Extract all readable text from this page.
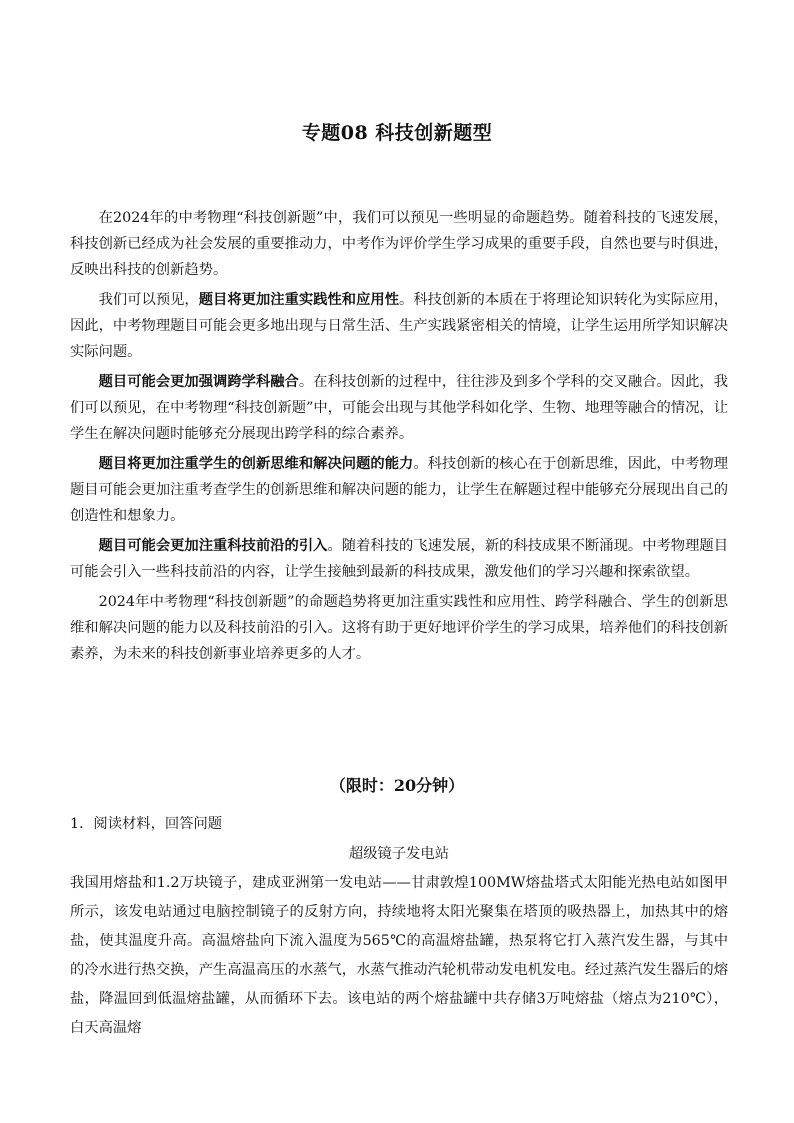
专题08 科技创新题型

在2024年的中考物理“科技创新题”中，我们可以预见一些明显的命题趋势。随着科技的飞速发展，科技创新已经成为社会发展的重要推动力，中考作为评价学生学习成果的重要手段，自然也要与时俱进，反映出科技的创新趋势。

我们可以预见，题目将更加注重实践性和应用性。科技创新的本质在于将理论知识转化为实际应用，因此，中考物理题目可能会更多地出现与日常生活、生产实践紧密相关的情境，让学生运用所学知识解决实际问题。

题目可能会更加强调跨学科融合。在科技创新的过程中，往往涉及到多个学科的交叉融合。因此，我们可以预见，在中考物理“科技创新题”中，可能会出现与其他学科如化学、生物、地理等融合的情况，让学生在解决问题时能够充分展现出跨学科的综合素养。

题目将更加注重学生的创新思维和解决问题的能力。科技创新的核心在于创新思维，因此，中考物理题目可能会更加注重考查学生的创新思维和解决问题的能力，让学生在解题过程中能够充分展现出自己的创造性和想象力。

题目可能会更加注重科技前沿的引入。随着科技的飞速发展，新的科技成果不断涌现。中考物理题目可能会引入一些科技前沿的内容，让学生接触到最新的科技成果，激发他们的学习兴趣和探索欲望。

2024年中考物理“科技创新题”的命题趋势将更加注重实践性和应用性、跨学科融合、学生的创新思维和解决问题的能力以及科技前沿的引入。这将有助于更好地评价学生的学习成果，培养他们的科技创新素养，为未来的科技创新事业培养更多的人才。

（限时：20分钟）

1．阅读材料，回答问题

超级镜子发电站

我国用熔盐和1.2万块镜子，建成亚洲第一发电站——甘肃敦煌100MW熔盐塔式太阳能光热电站如图甲所示，该发电站通过电脑控制镜子的反射方向，持续地将太阳光聚集在塔顶的吸热器上，加热其中的熔盐，使其温度升高。高温熔盐向下流入温度为565℃的高温熔盐罐，热泵将它打入蒸汽发生器，与其中的冷水进行热交换，产生高温高压的水蒸气，水蒸气推动汽轮机带动发电机发电。经过蒸汽发生器后的熔盐，降温回到低温熔盐罐，从而循环下去。该电站的两个熔盐罐中共存储3万吨熔盐（熔点为210℃），白天高温熔
